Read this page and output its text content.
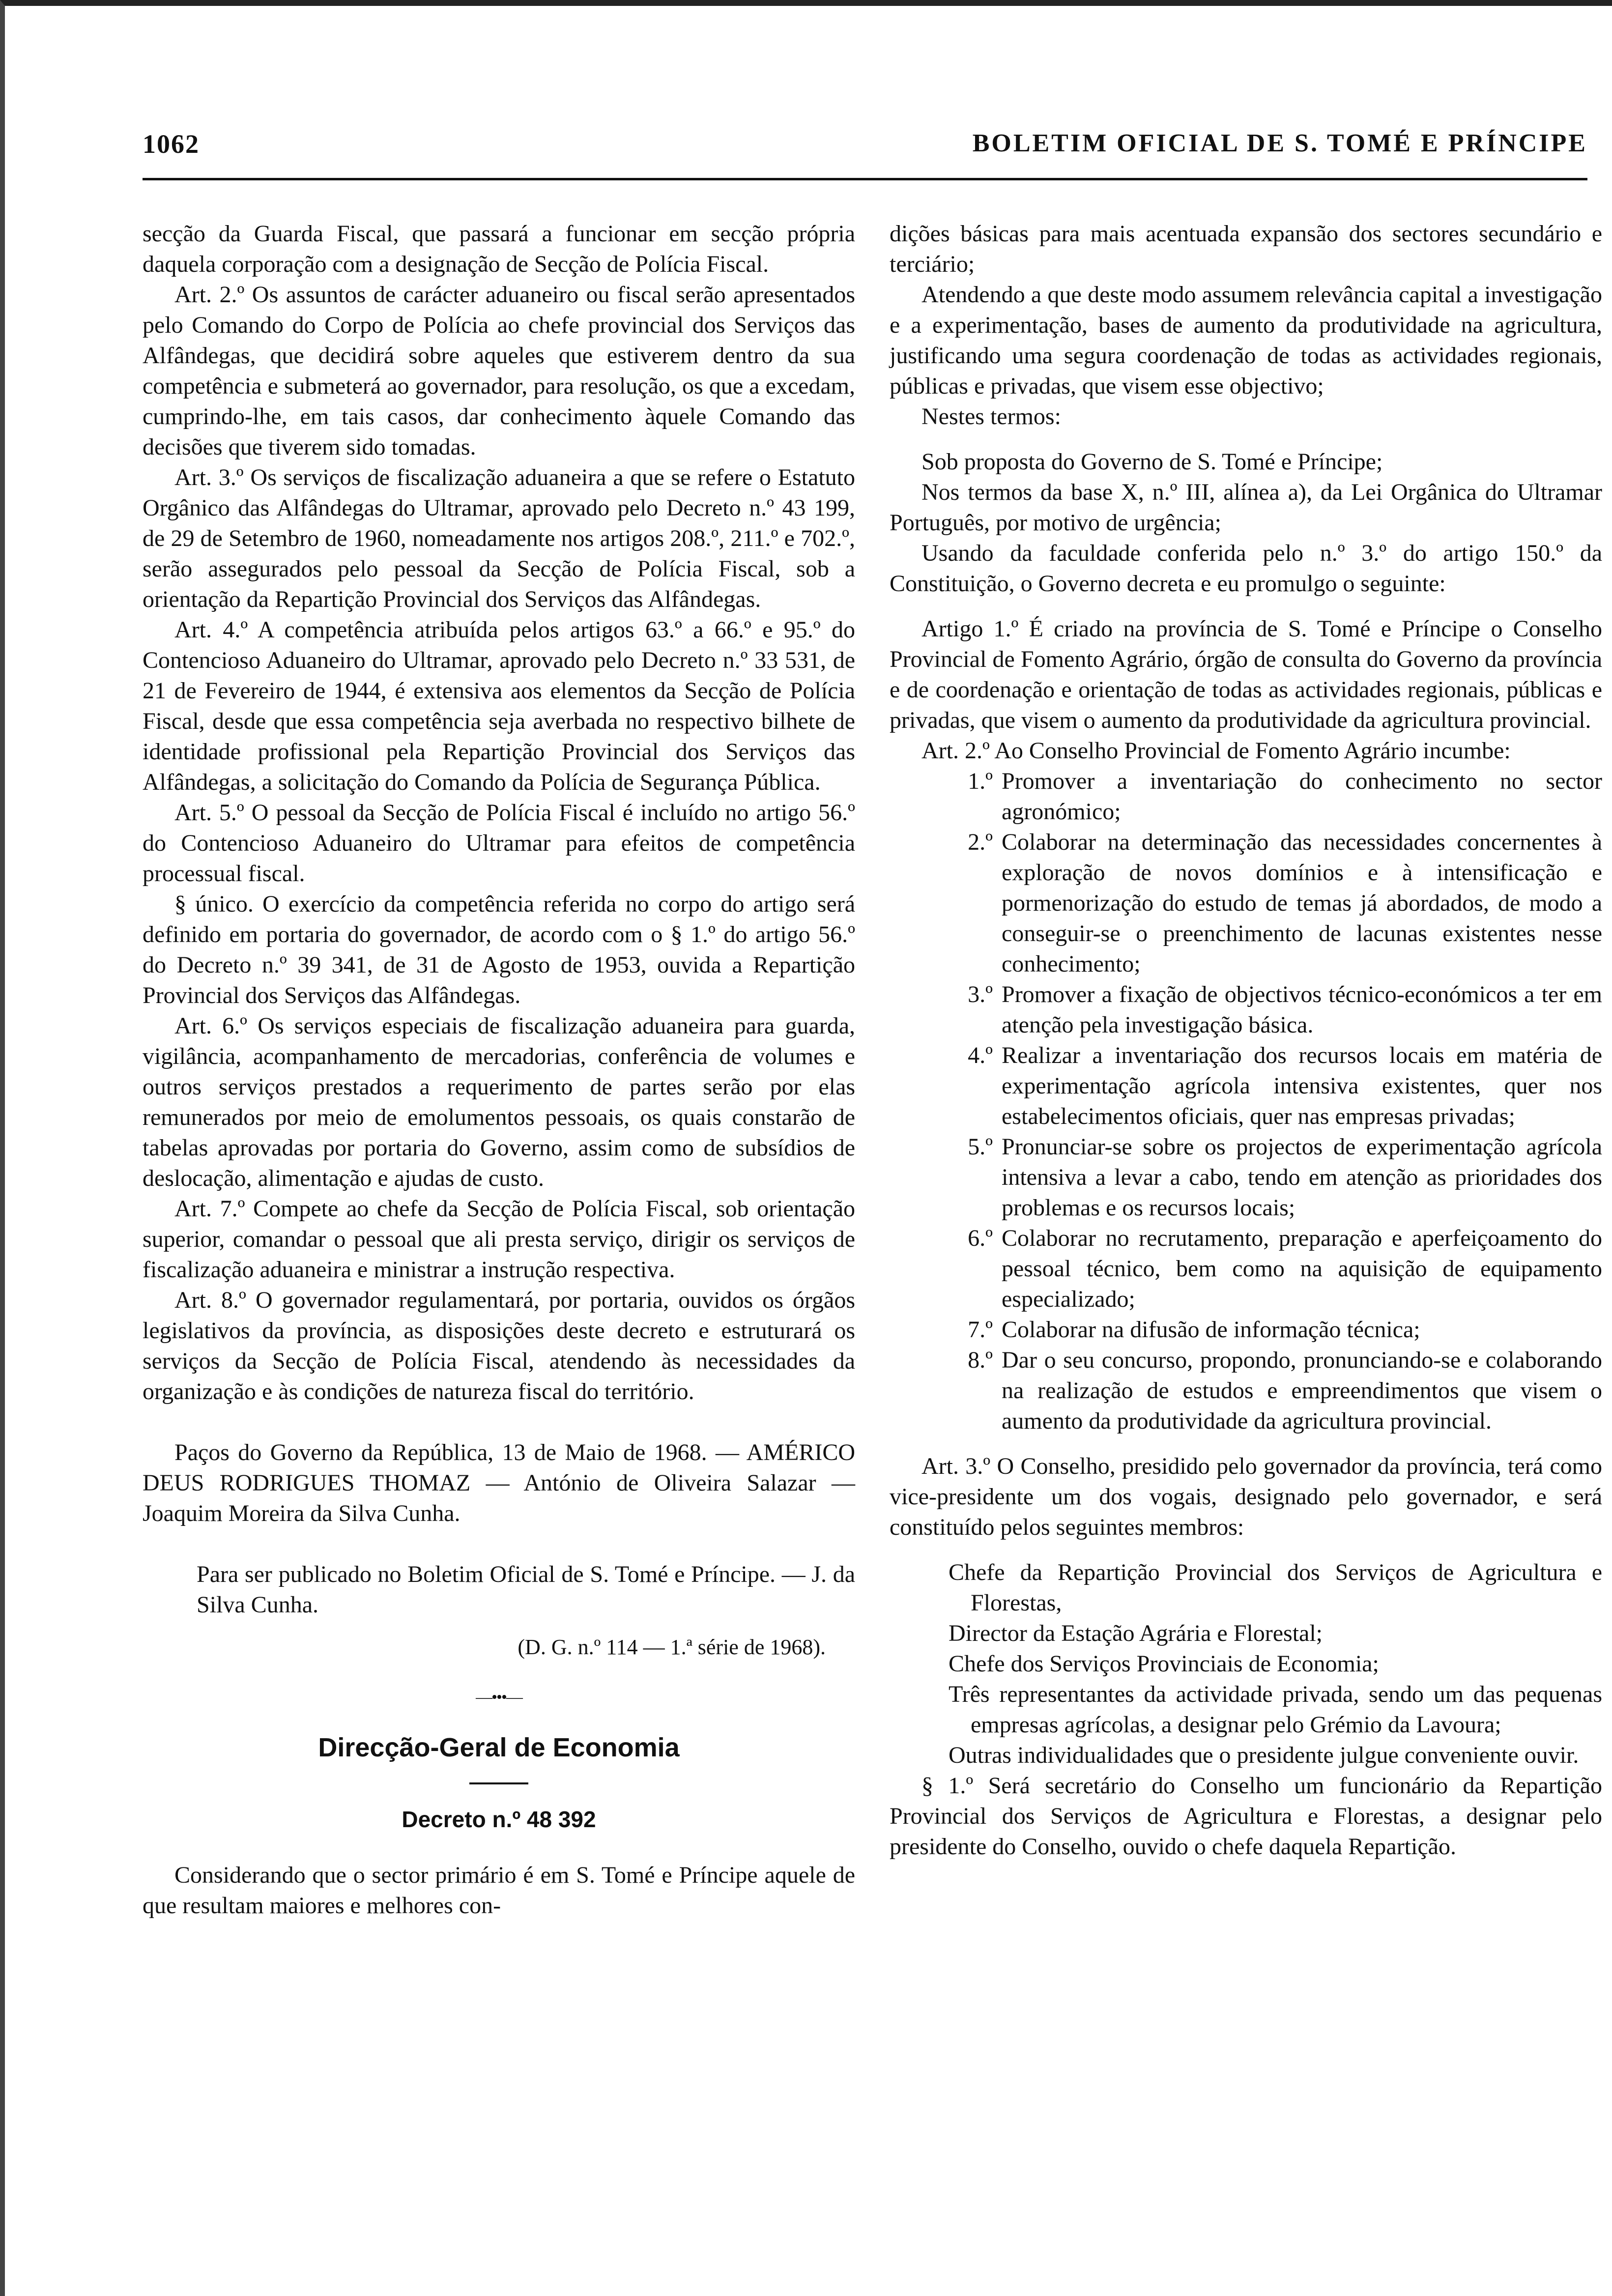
1062	BOLETIM OFICIAL DE S. TOMÉ E PRÍNCIPE

secção da Guarda Fiscal, que passará a funcionar em secção própria daquela corporação com a designação de Secção de Polícia Fiscal.

Art. 2.º Os assuntos de carácter aduaneiro ou fiscal serão apresentados pelo Comando do Corpo de Polícia ao chefe provincial dos Serviços das Alfândegas, que decidirá sobre aqueles que estiverem dentro da sua competência e submeterá ao governador, para resolução, os que a excedam, cumprindo-lhe, em tais casos, dar conhecimento àquele Comando das decisões que tiverem sido tomadas.

Art. 3.º Os serviços de fiscalização aduaneira a que se refere o Estatuto Orgânico das Alfândegas do Ultramar, aprovado pelo Decreto n.º 43 199, de 29 de Setembro de 1960, nomeadamente nos artigos 208.º, 211.º e 702.º, serão assegurados pelo pessoal da Secção de Polícia Fiscal, sob a orientação da Repartição Provincial dos Serviços das Alfândegas.

Art. 4.º A competência atribuída pelos artigos 63.º a 66.º e 95.º do Contencioso Aduaneiro do Ultramar, aprovado pelo Decreto n.º 33 531, de 21 de Fevereiro de 1944, é extensiva aos elementos da Secção de Polícia Fiscal, desde que essa competência seja averbada no respectivo bilhete de identidade profissional pela Repartição Provincial dos Serviços das Alfândegas, a solicitação do Comando da Polícia de Segurança Pública.

Art. 5.º O pessoal da Secção de Polícia Fiscal é incluído no artigo 56.º do Contencioso Aduaneiro do Ultramar para efeitos de competência processual fiscal.

§ único. O exercício da competência referida no corpo do artigo será definido em portaria do governador, de acordo com o § 1.º do artigo 56.º do Decreto n.º 39 341, de 31 de Agosto de 1953, ouvida a Repartição Provincial dos Serviços das Alfândegas.

Art. 6.º Os serviços especiais de fiscalização aduaneira para guarda, vigilância, acompanhamento de mercadorias, conferência de volumes e outros serviços prestados a requerimento de partes serão por elas remunerados por meio de emolumentos pessoais, os quais constarão de tabelas aprovadas por portaria do Governo, assim como de subsídios de deslocação, alimentação e ajudas de custo.

Art. 7.º Compete ao chefe da Secção de Polícia Fiscal, sob orientação superior, comandar o pessoal que ali presta serviço, dirigir os serviços de fiscalização aduaneira e ministrar a instrução respectiva.

Art. 8.º O governador regulamentará, por portaria, ouvidos os órgãos legislativos da província, as disposições deste decreto e estruturará os serviços da Secção de Polícia Fiscal, atendendo às necessidades da organização e às condições de natureza fiscal do território.

Paços do Governo da República, 13 de Maio de 1968. — AMÉRICO DEUS RODRIGUES THOMAZ — António de Oliveira Salazar — Joaquim Moreira da Silva Cunha.

Para ser publicado no Boletim Oficial de S. Tomé e Príncipe. — J. da Silva Cunha.

(D. G. n.º 114 — 1.ª série de 1968).

—•••—
Direcção-Geral de Economia
Decreto n.º 48 392

Considerando que o sector primário é em S. Tomé e Príncipe aquele de que resultam maiores e melhores con-

dições básicas para mais acentuada expansão dos sectores secundário e terciário;

Atendendo a que deste modo assumem relevância capital a investigação e a experimentação, bases de aumento da produtividade na agricultura, justificando uma segura coordenação de todas as actividades regionais, públicas e privadas, que visem esse objectivo;

Nestes termos:

Sob proposta do Governo de S. Tomé e Príncipe;

Nos termos da base X, n.º III, alínea a), da Lei Orgânica do Ultramar Português, por motivo de urgência;

Usando da faculdade conferida pelo n.º 3.º do artigo 150.º da Constituição, o Governo decreta e eu promulgo o seguinte:

Artigo 1.º É criado na província de S. Tomé e Príncipe o Conselho Provincial de Fomento Agrário, órgão de consulta do Governo da província e de coordenação e orientação de todas as actividades regionais, públicas e privadas, que visem o aumento da produtividade da agricultura provincial.

Art. 2.º Ao Conselho Provincial de Fomento Agrário incumbe:

1.º Promover a inventariação do conhecimento no sector agronómico;
2.º Colaborar na determinação das necessidades concernentes à exploração de novos domínios e à intensificação e pormenorização do estudo de temas já abordados, de modo a conseguir-se o preenchimento de lacunas existentes nesse conhecimento;
3.º Promover a fixação de objectivos técnico-económicos a ter em atenção pela investigação básica.
4.º Realizar a inventariação dos recursos locais em matéria de experimentação agrícola intensiva existentes, quer nos estabelecimentos oficiais, quer nas empresas privadas;
5.º Pronunciar-se sobre os projectos de experimentação agrícola intensiva a levar a cabo, tendo em atenção as prioridades dos problemas e os recursos locais;
6.º Colaborar no recrutamento, preparação e aperfeiçoamento do pessoal técnico, bem como na aquisição de equipamento especializado;
7.º Colaborar na difusão de informação técnica;
8.º Dar o seu concurso, propondo, pronunciando-se e colaborando na realização de estudos e empreendimentos que visem o aumento da produtividade da agricultura provincial.

Art. 3.º O Conselho, presidido pelo governador da província, terá como vice-presidente um dos vogais, designado pelo governador, e será constituído pelos seguintes membros:

Chefe da Repartição Provincial dos Serviços de Agricultura e Florestas,

Director da Estação Agrária e Florestal;

Chefe dos Serviços Provinciais de Economia;

Três representantes da actividade privada, sendo um das pequenas empresas agrícolas, a designar pelo Grémio da Lavoura;

Outras individualidades que o presidente julgue conveniente ouvir.

§ 1.º Será secretário do Conselho um funcionário da Repartição Provincial dos Serviços de Agricultura e Florestas, a designar pelo presidente do Conselho, ouvido o chefe daquela Repartição.
